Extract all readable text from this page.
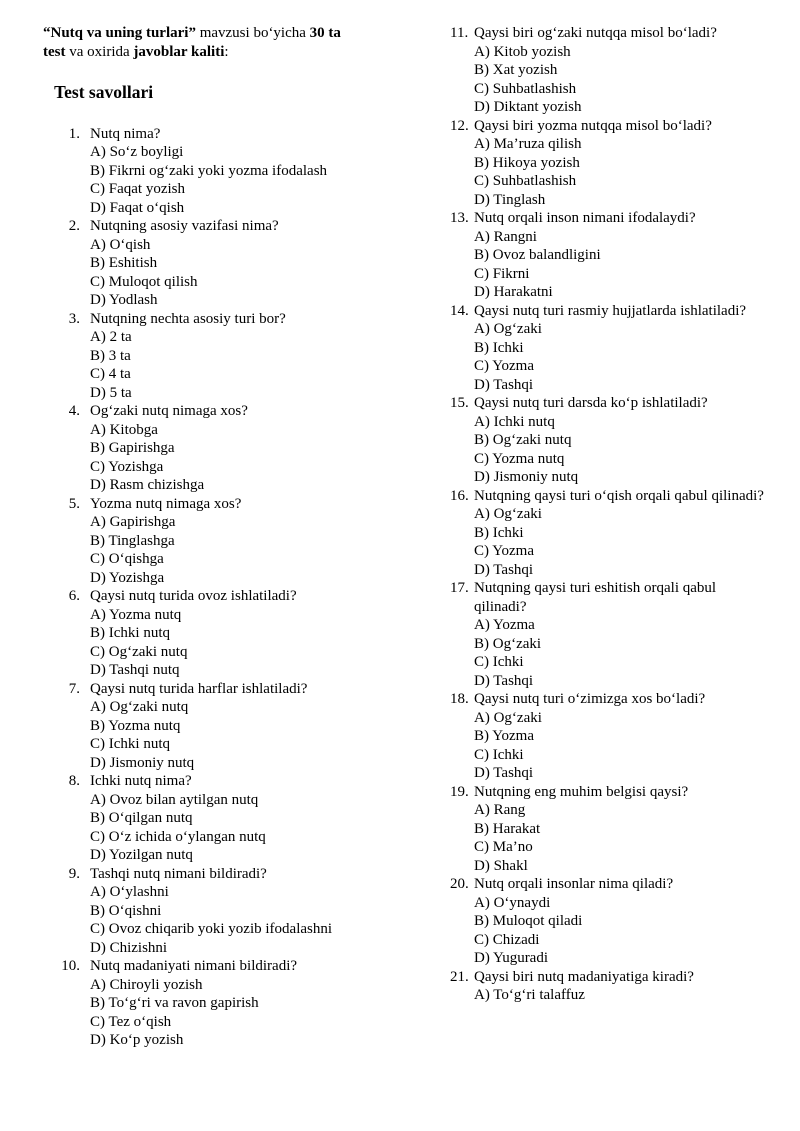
“Nutq va uning turlari” mavzusi bo‘yicha 30 ta
test va oxirida javoblar kaliti:

Test savollari
1. Nutq nima?
A) So‘z boyligi
B) Fikrni og‘zaki yoki yozma ifodalash
C) Faqat yozish
D) Faqat o‘qish
2. Nutqning asosiy vazifasi nima?
A) O‘qish
B) Eshitish
C) Muloqot qilish
D) Yodlash
3. Nutqning nechta asosiy turi bor?
A) 2 ta
B) 3 ta
C) 4 ta
D) 5 ta
4. Og‘zaki nutq nimaga xos?
A) Kitobga
B) Gapirishga
C) Yozishga
D) Rasm chizishga
5. Yozma nutq nimaga xos?
A) Gapirishga
B) Tinglashga
C) O‘qishga
D) Yozishga
6. Qaysi nutq turida ovoz ishlatiladi?
A) Yozma nutq
B) Ichki nutq
C) Og‘zaki nutq
D) Tashqi nutq
7. Qaysi nutq turida harflar ishlatiladi?
A) Og‘zaki nutq
B) Yozma nutq
C) Ichki nutq
D) Jismoniy nutq
8. Ichki nutq nima?
A) Ovoz bilan aytilgan nutq
B) O‘qilgan nutq
C) O‘z ichida o‘ylangan nutq
D) Yozilgan nutq
9. Tashqi nutq nimani bildiradi?
A) O‘ylashni
B) O‘qishni
C) Ovoz chiqarib yoki yozib ifodalashni
D) Chizishni
10. Nutq madaniyati nimani bildiradi?
A) Chiroyli yozish
B) To‘g‘ri va ravon gapirish
C) Tez o‘qish
D) Ko‘p yozish
11. Qaysi biri og‘zaki nutqqa misol bo‘ladi?
A) Kitob yozish
B) Xat yozish
C) Suhbatlashish
D) Diktant yozish
12. Qaysi biri yozma nutqqa misol bo‘ladi?
A) Ma’ruza qilish
B) Hikoya yozish
C) Suhbatlashish
D) Tinglash
13. Nutq orqali inson nimani ifodalaydi?
A) Rangni
B) Ovoz balandligini
C) Fikrni
D) Harakatni
14. Qaysi nutq turi rasmiy hujjatlarda ishlatiladi?
A) Og‘zaki
B) Ichki
C) Yozma
D) Tashqi
15. Qaysi nutq turi darsda ko‘p ishlatiladi?
A) Ichki nutq
B) Og‘zaki nutq
C) Yozma nutq
D) Jismoniy nutq
16. Nutqning qaysi turi o‘qish orqali qabul qilinadi?
A) Og‘zaki
B) Ichki
C) Yozma
D) Tashqi
17. Nutqning qaysi turi eshitish orqali qabul qilinadi?
A) Yozma
B) Og‘zaki
C) Ichki
D) Tashqi
18. Qaysi nutq turi o‘zimizga xos bo‘ladi?
A) Og‘zaki
B) Yozma
C) Ichki
D) Tashqi
19. Nutqning eng muhim belgisi qaysi?
A) Rang
B) Harakat
C) Ma’no
D) Shakl
20. Nutq orqali insonlar nima qiladi?
A) O‘ynaydi
B) Muloqot qiladi
C) Chizadi
D) Yuguradi
21. Qaysi biri nutq madaniyatiga kiradi?
A) To‘g‘ri talaffuz
